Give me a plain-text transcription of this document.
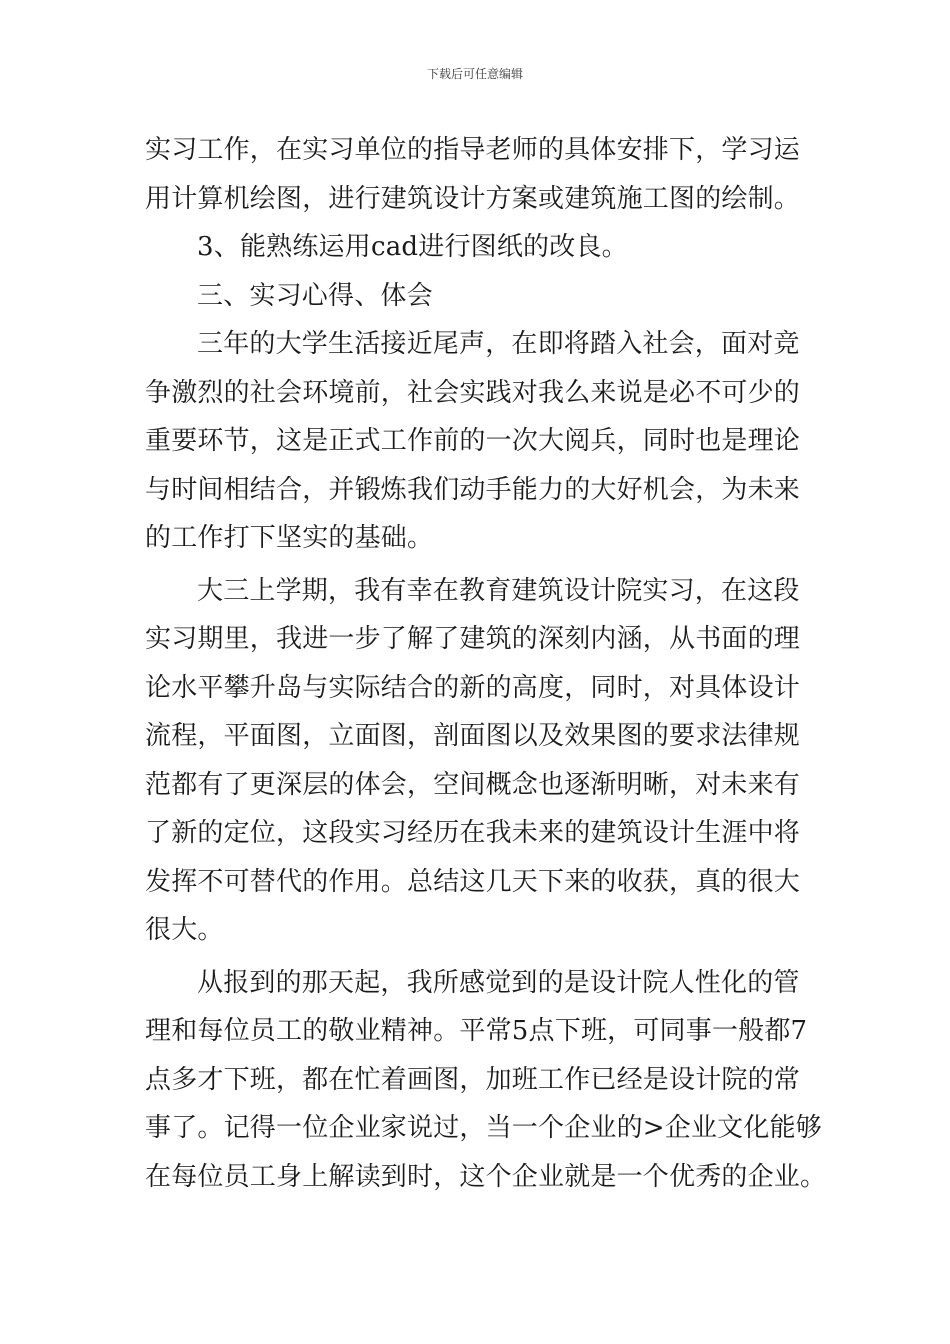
下载后可任意编辑
实习工作，在实习单位的指导老师的具体安排下，学习运
用计算机绘图，进行建筑设计方案或建筑施工图的绘制。
3、能熟练运用cad进行图纸的改良。
三、实习心得、体会
三年的大学生活接近尾声，在即将踏入社会，面对竞
争激烈的社会环境前，社会实践对我么来说是必不可少的
重要环节，这是正式工作前的一次大阅兵，同时也是理论
与时间相结合，并锻炼我们动手能力的大好机会，为未来
的工作打下坚实的基础。
大三上学期，我有幸在教育建筑设计院实习，在这段
实习期里，我进一步了解了建筑的深刻内涵，从书面的理
论水平攀升岛与实际结合的新的高度，同时，对具体设计
流程，平面图，立面图，剖面图以及效果图的要求法律规
范都有了更深层的体会，空间概念也逐渐明晰，对未来有
了新的定位，这段实习经历在我未来的建筑设计生涯中将
发挥不可替代的作用。总结这几天下来的收获，真的很大
很大。
从报到的那天起，我所感觉到的是设计院人性化的管
理和每位员工的敬业精神。平常5点下班，可同事一般都7
点多才下班，都在忙着画图，加班工作已经是设计院的常
事了。记得一位企业家说过，当一个企业的>企业文化能够
在每位员工身上解读到时，这个企业就是一个优秀的企业。
